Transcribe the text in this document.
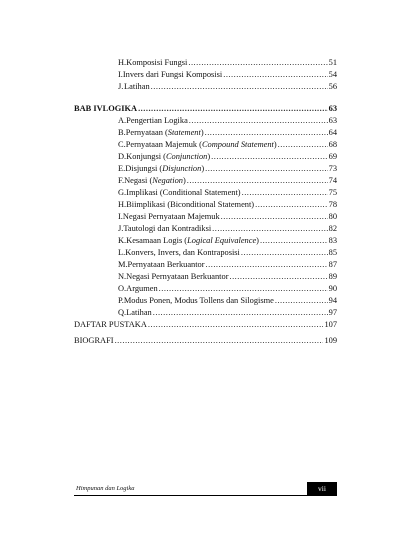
H. Komposisi Fungsi .....	51
I. Invers dari Fungsi Komposisi .....	54
J. Latihan .....	56
BAB IV LOGIKA .....	63
A. Pengertian Logika .....	63
B. Pernyataan (Statement) .....	64
C. Pernyataan Majemuk (Compound Statement) .....	68
D. Konjungsi (Conjunction) .....	69
E. Disjungsi (Disjunction) .....	73
F. Negasi (Negation) .....	74
G. Implikasi (Conditional Statement) .....	75
H. Biimplikasi (Biconditional Statement) .....	78
I. Negasi Pernyataan Majemuk .....	80
J. Tautologi dan Kontradiksi .....	82
K. Kesamaan Logis (Logical Equivalence) .....	83
L. Konvers, Invers, dan Kontraposisi .....	85
M. Pernyataan Berkuantor .....	87
N. Negasi Pernyataan Berkuantor .....	89
O. Argumen .....	90
P. Modus Ponen, Modus Tollens dan Silogisme .....	94
Q. Latihan .....	97
DAFTAR PUSTAKA .....	107
BIOGRAFI .....	109
Himpunan dan Logika	vii
